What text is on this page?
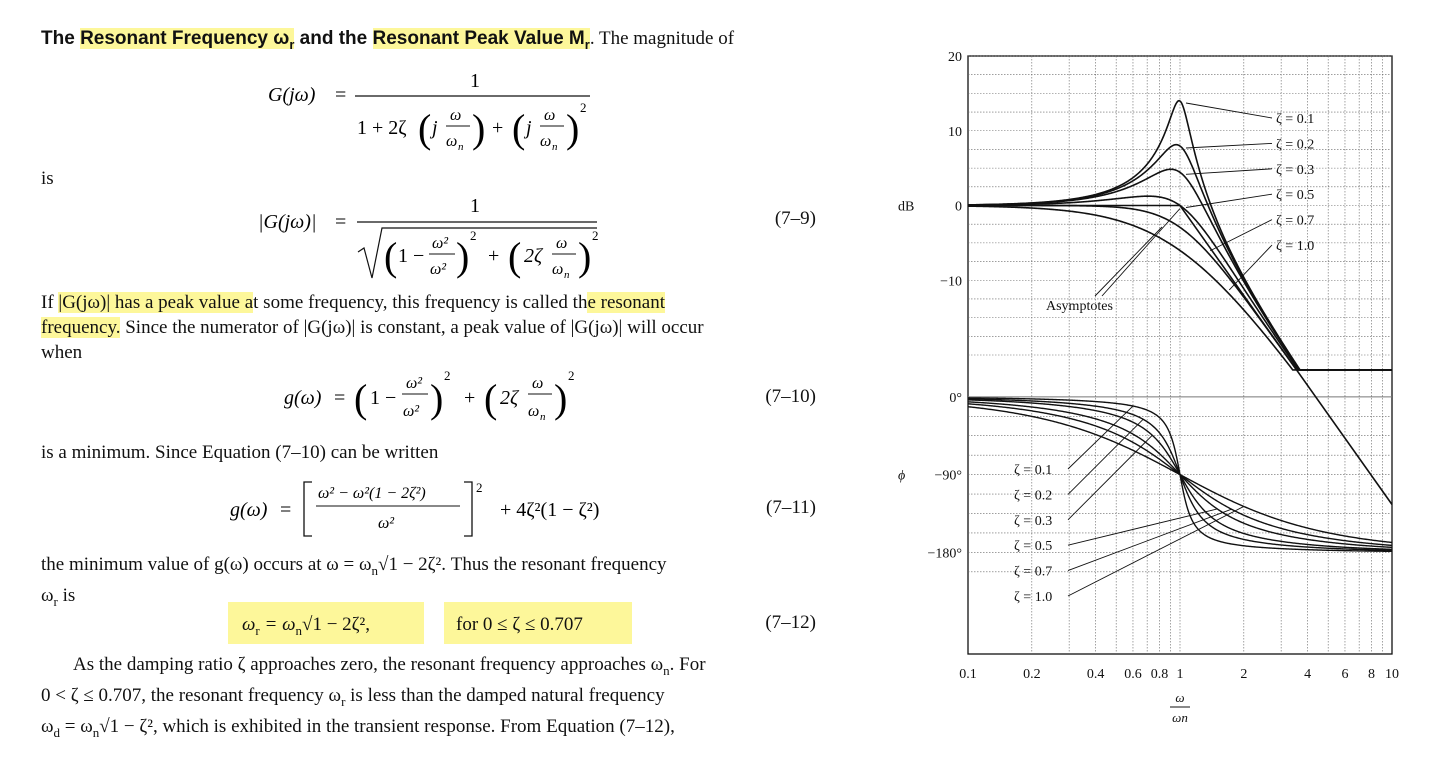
The Resonant Frequency $\omega_r$ and the Resonant Peak Value $M_r$. The magnitude of
G(jω) =
1
1 + 2ζ ( j
ω
ω n ) + ( j
ω
ω n ) 2
is
|G(jω)| =
1
( 1 −
ω²
ω² ) 2
+ ( 2ζ
ω
ω n ) 2
(7–9)
If |G(jω)| has a peak value at some frequency, this frequency is called the resonant
frequency. Since the numerator of |G(jω)| is constant, a peak value of |G(jω)| will occur
when
g(ω) = ( 1 −
ω²
ω² )
2
+ ( 2ζ
ω
ω n )
2
(7–10)
is a minimum. Since Equation (7–10) can be written
g(ω) =
ω² − ω²(1 − 2ζ²)
ω²
2
+ 4ζ²(1 − ζ²)	(7–11)
the minimum value of g(ω) occurs at $\omega = \omega_n√1 - 2\zeta^2$. Thus the resonant frequency
$\omega_r$ is
$\omega_r = \omega_n√1 - 2\zeta^2$,	for 0 ≤ ζ ≤ 0.707	(7–12)
As the damping ratio ζ approaches zero, the resonant frequency approaches $\omega_n$. For
0 < ζ ≤ 0.707, the resonant frequency $\omega_r$ is less than the damped natural frequency
$\omega_d = \omega_n√1 - \zeta^2$, which is exhibited in the transient response. From Equation (7–12),
20
10
0
−10
dB
0°
−90°
−180°
ϕ
0.1	0.2	0.4 0.6 0.8 1	2	4 6 8 10
ω
ωn
ζ = 0.1
ζ = 0.2
ζ = 0.3
ζ = 0.5
ζ = 0.7
ζ = 1.0
Asymptotes
ζ = 0.1
ζ = 0.2
ζ = 0.3
ζ = 0.5
ζ = 0.7
ζ = 1.0
